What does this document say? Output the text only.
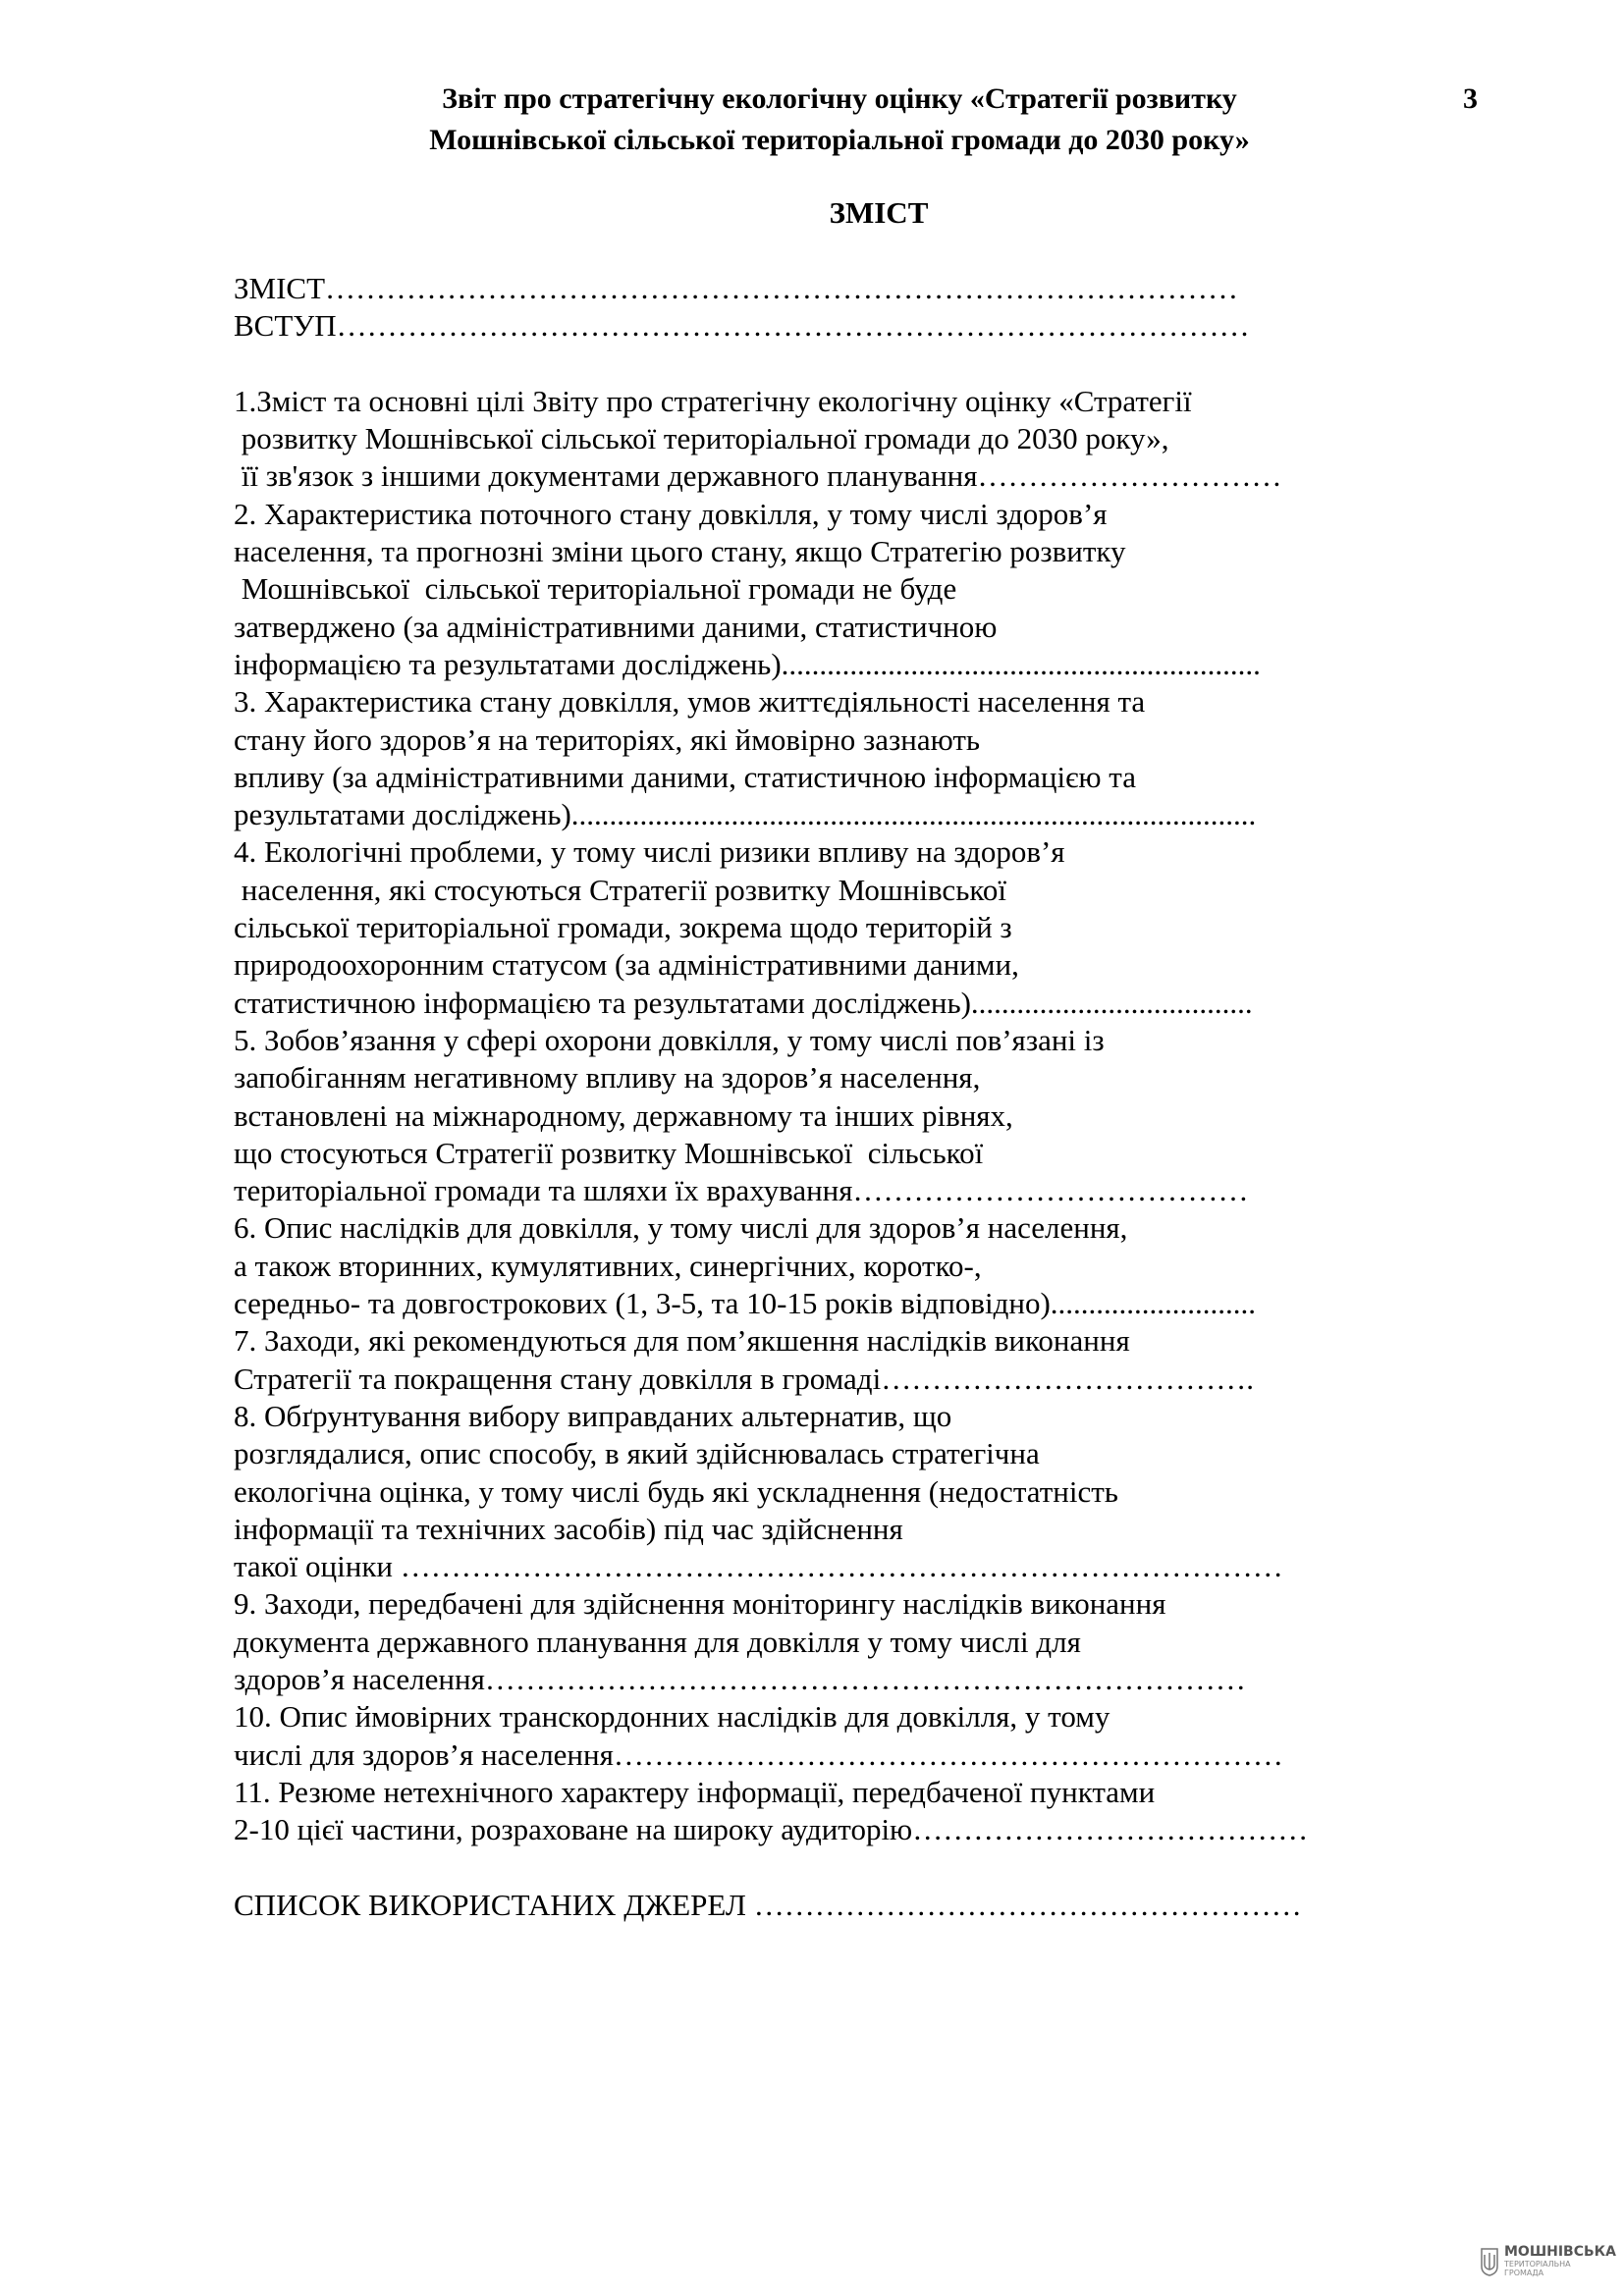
Звіт про стратегічну екологічну оцінку «Стратегії розвитку
Мошнівської сільської територіальної громади до 2030 року»
3
ЗМІСТ
ЗМІСТ………………………………………………………………………………
ВСТУП………………………………………………………………………………
1.Зміст та основні цілі Звіту про стратегічну екологічну оцінку «Стратегії
розвитку Мошнівської сільської територіальної громади до 2030 року»,
її зв'язок з іншими документами державного планування…………………………
2. Характеристика поточного стану довкілля, у тому числі здоров’я
населення, та прогнозні зміни цього стану, якщо Стратегію розвитку
Мошнівської  сільської територіальної громади не буде
затверджено (за адміністративними даними, статистичною
інформацією та результатами досліджень)...............................................................
3. Характеристика стану довкілля, умов життєдіяльності населення та
стану його здоров’я на територіях, які ймовірно зазнають
впливу (за адміністративними даними, статистичною інформацією та
результатами досліджень)..........................................................................................
4. Екологічні проблеми, у тому числі ризики впливу на здоров’я
населення, які стосуються Стратегії розвитку Мошнівської
сільської територіальної громади, зокрема щодо територій з
природоохоронним статусом (за адміністративними даними,
статистичною інформацією та результатами досліджень).....................................
5. Зобов’язання у сфері охорони довкілля, у тому числі пов’язані із
запобіганням негативному впливу на здоров’я населення,
встановлені на міжнародному, державному та інших рівнях,
що стосуються Стратегії розвитку Мошнівської  сільської
територіальної громади та шляхи їх врахування…………………………………
6. Опис наслідків для довкілля, у тому числі для здоров’я населення,
а також вторинних, кумулятивних, синергічних, коротко-,
середньо- та довгострокових (1, 3-5, та 10-15 років відповідно)...........................
7. Заходи, які рекомендуються для пом’якшення наслідків виконання
Стратегії та покращення стану довкілля в громаді……………………………….
8. Обґрунтування вибору виправданих альтернатив, що
розглядалися, опис способу, в який здійснювалась стратегічна
екологічна оцінка, у тому числі будь які ускладнення (недостатність
інформації та технічних засобів) під час здійснення
такої оцінки ……………………………………………………………………………
9. Заходи, передбачені для здійснення моніторингу наслідків виконання
документа державного планування для довкілля у тому числі для
здоров’я населення…………………………………………………………………
10. Опис ймовірних транскордонних наслідків для довкілля, у тому
числі для здоров’я населення…………………………………………………………
11. Резюме нетехнічного характеру інформації, передбаченої пунктами
2-10 цієї частини, розраховане на широку аудиторію…………………………………
СПИСОК ВИКОРИСТАНИХ ДЖЕРЕЛ ………………………………………………
МОШНІВСЬКА
ТЕРИТОРІАЛЬНА
ГРОМАДА
